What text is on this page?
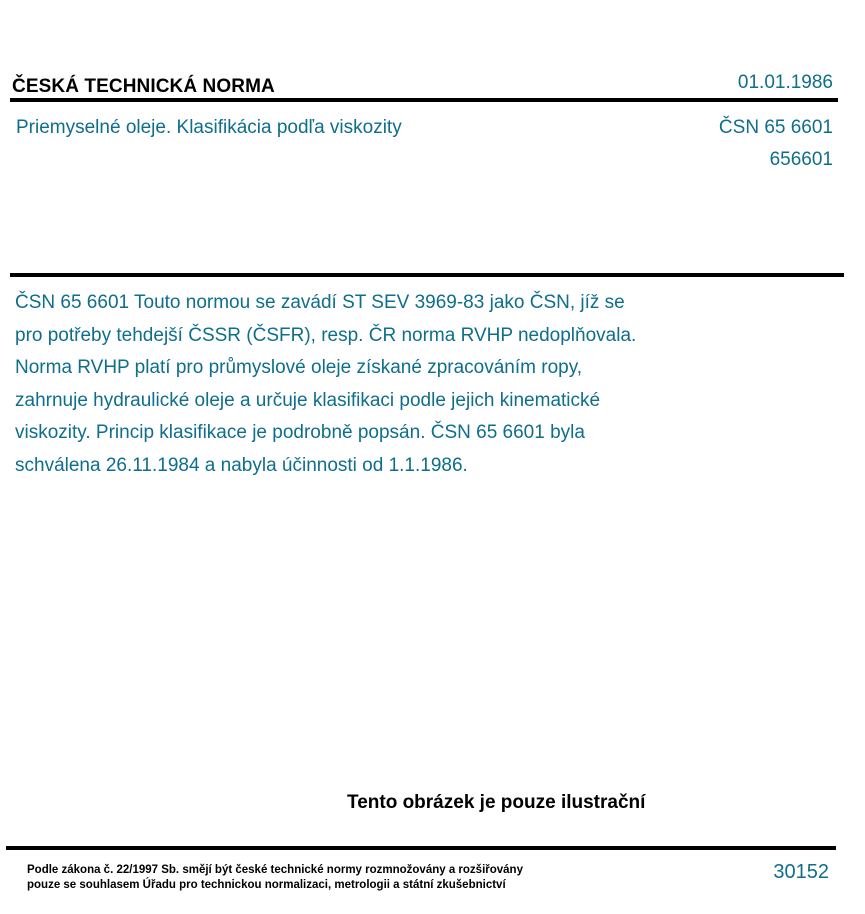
ČESKÁ TECHNICKÁ NORMA	01.01.1986
Priemyselné oleje. Klasifikácia podľa viskozity	ČSN 65 6601
656601
ČSN 65 6601 Touto normou se zavádí ST SEV 3969-83 jako ČSN, jíž se
pro potřeby tehdejší ČSSR (ČSFR), resp. ČR norma RVHP nedoplňovala.
Norma RVHP platí pro průmyslové oleje získané zpracováním ropy,
zahrnuje hydraulické oleje a určuje klasifikaci podle jejich kinematické
viskozity. Princip klasifikace je podrobně popsán. ČSN 65 6601 byla
schválena 26.11.1984 a nabyla účinnosti od 1.1.1986.
Tento obrázek je pouze ilustrační
Podle zákona č. 22/1997 Sb. smějí být české technické normy rozmnožovány a rozšiřovány
pouze se souhlasem Úřadu pro technickou normalizaci, metrologii a státní zkušebnictví
30152
